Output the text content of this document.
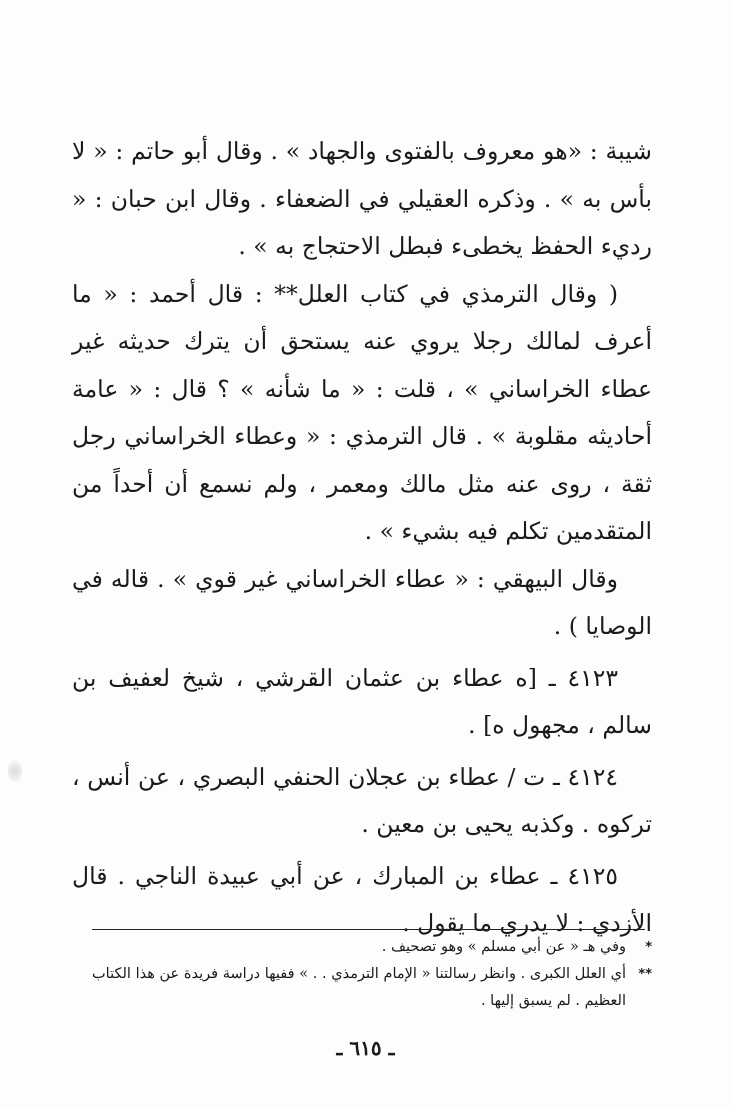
شيبة : «هو معروف بالفتوى والجهاد » . وقال أبو حاتم : « لا بأس به » . وذكره العقيلي في الضعفاء . وقال ابن حبان : « رديء الحفظ يخطىء فبطل الاحتجاج به » .

( وقال الترمذي في كتاب العلل** : قال أحمد : « ما أعرف لمالك رجلا يروي عنه يستحق أن يترك حديثه غير عطاء الخراساني » ، قلت : « ما شأنه » ؟ قال : « عامة أحاديثه مقلوبة » . قال الترمذي : « وعطاء الخراساني رجل ثقة ، روى عنه مثل مالك ومعمر ، ولم نسمع أن أحداً من المتقدمين تكلم فيه بشيء » .

وقال البيهقي : « عطاء الخراساني غير قوي » . قاله في الوصايا ) .

٤١٢٣ ـ [ه عطاء بن عثمان القرشي ، شيخ لعفيف بن سالم ، مجهول ه] .

٤١٢٤ ـ ت / عطاء بن عجلان الحنفي البصري ، عن أنس ، تركوه . وكذبه يحيى بن معين .

٤١٢٥ ـ عطاء بن المبارك ، عن أبي عبيدة الناجي . قال الأزدي : لا يدري ما يقول .

*
وفي هـ « عن أبي مسلم » وهو تصحيف .
**
أي العلل الكبرى . وانظر رسالتنا « الإمام الترمذي . . » ففيها دراسة فريدة عن هذا الكتاب العظيم . لم يسبق إليها .
ـ ٦١٥ ـ
